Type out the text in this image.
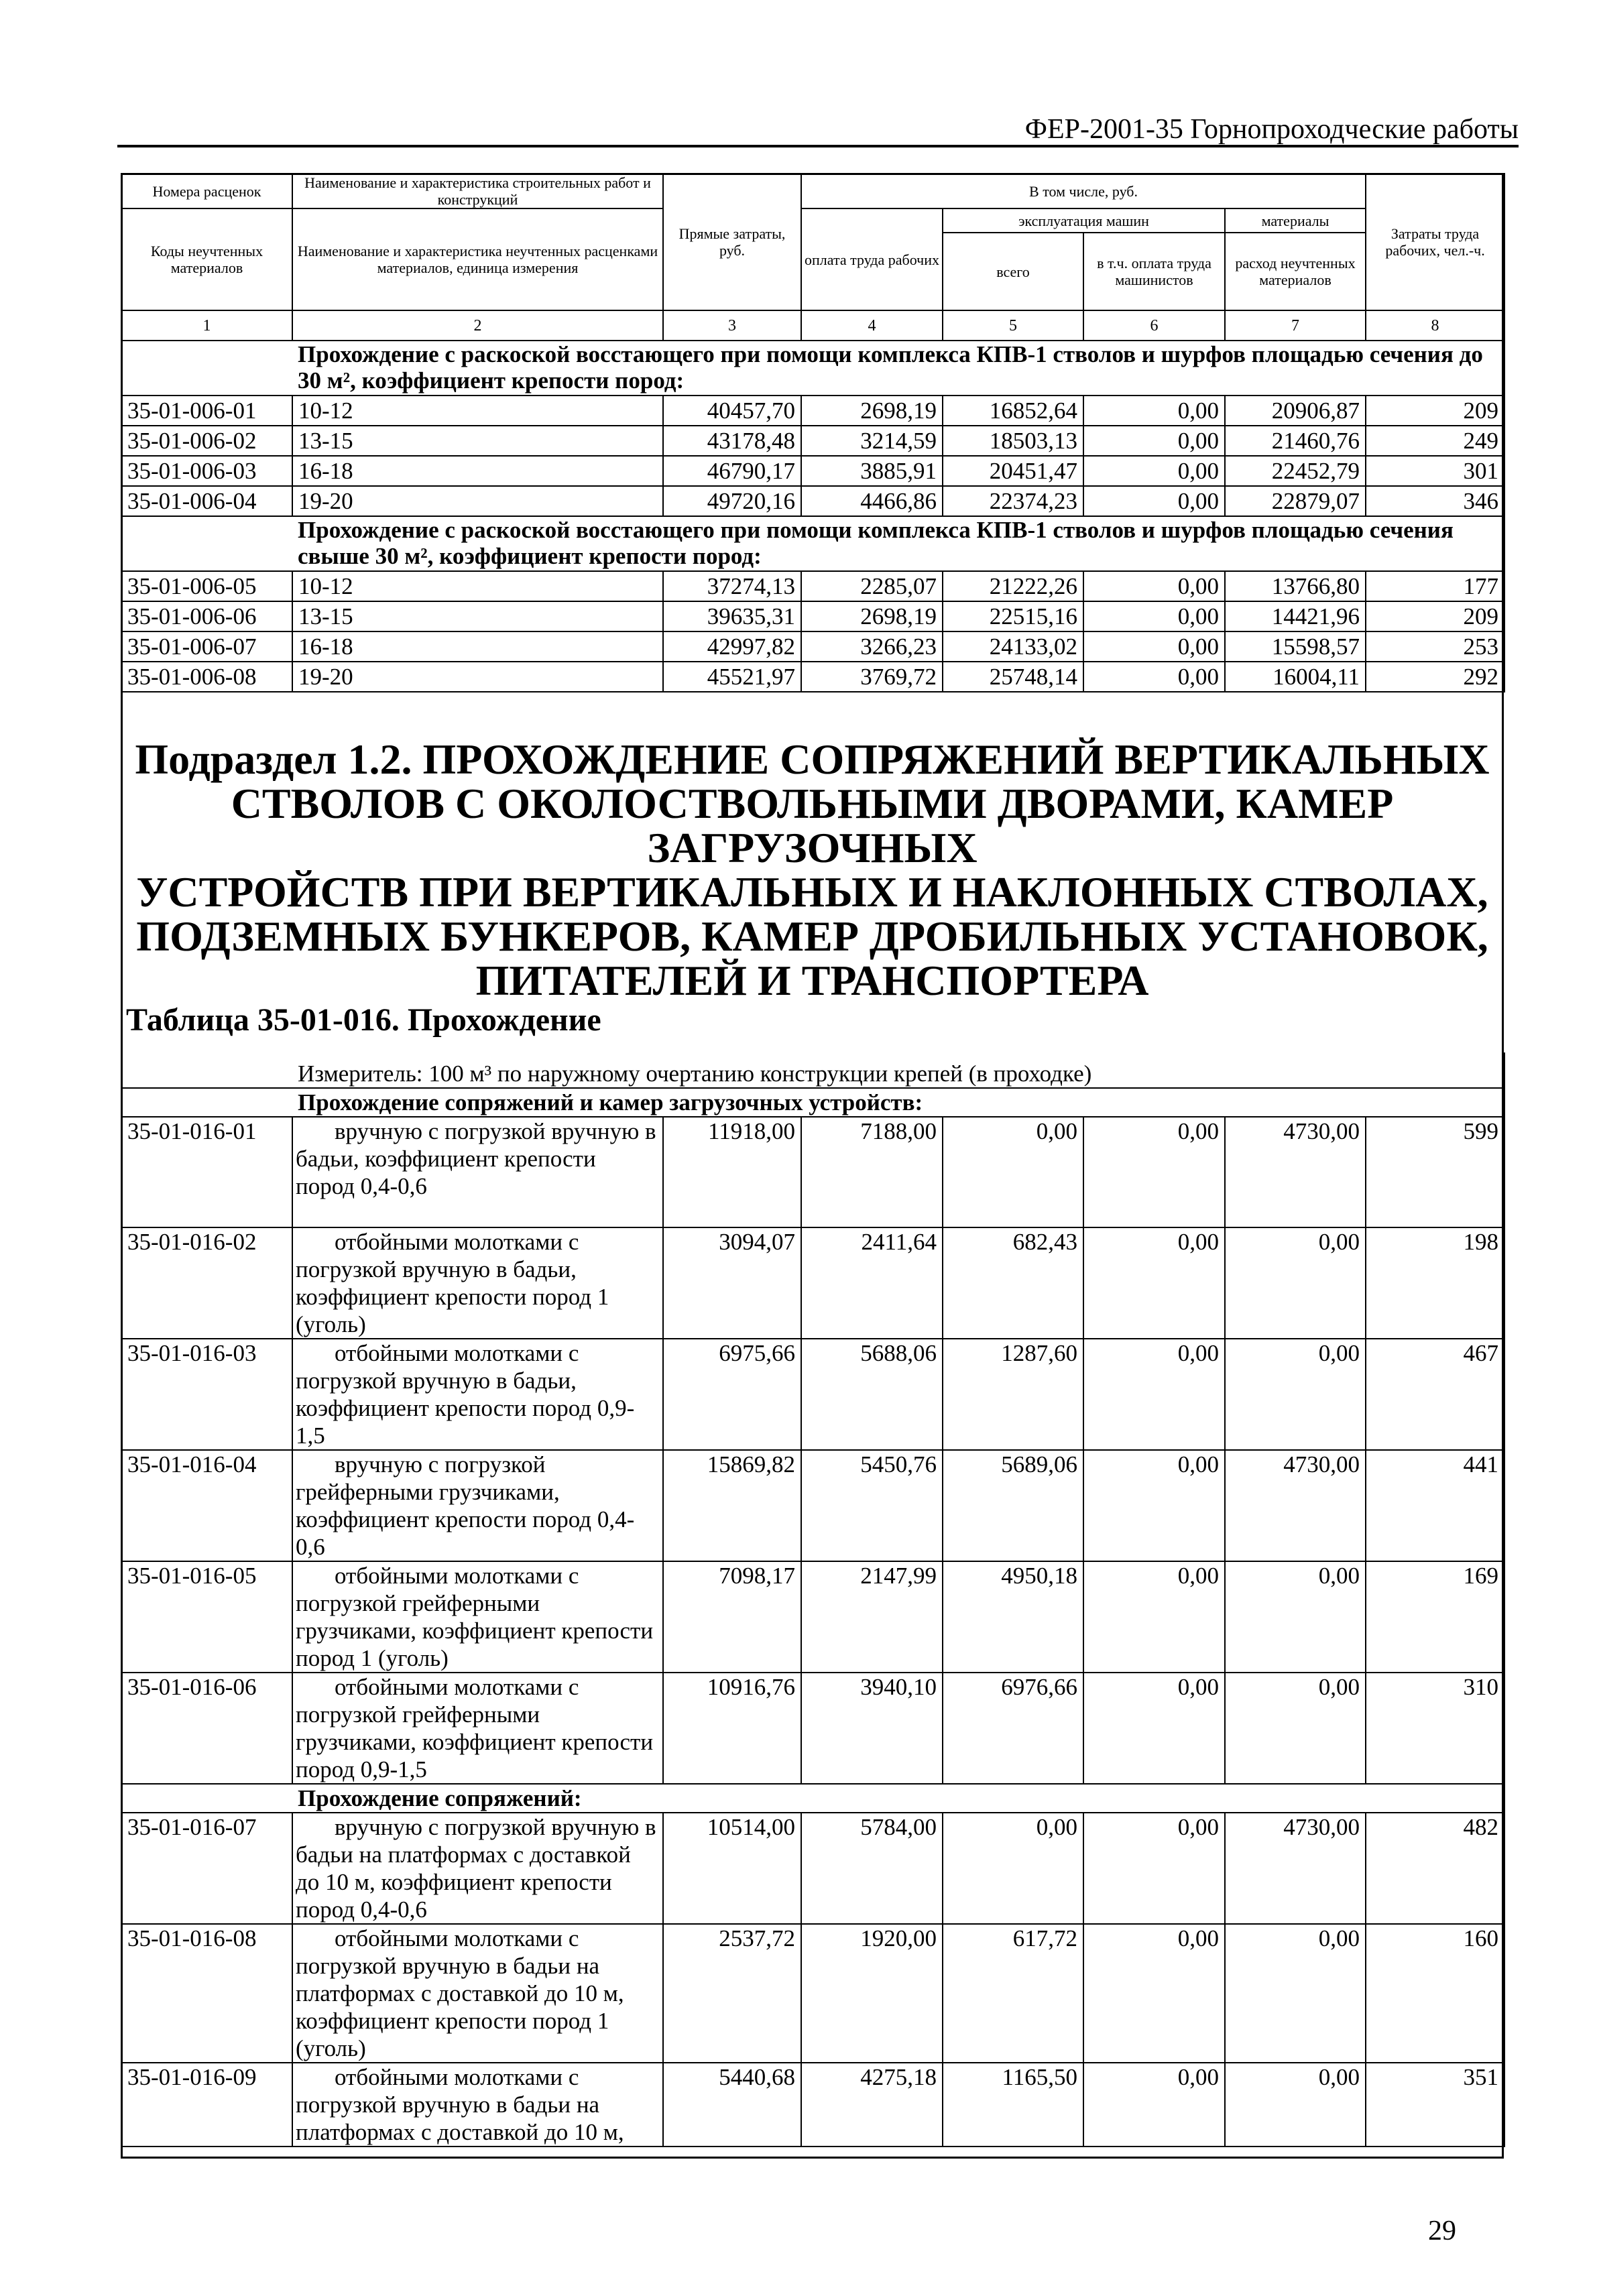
ФЕР-2001-35 Горнопроходческие работы
Номера расценок	Наименование и характеристика строительных работ и конструкций	Прямые затраты, руб.	В том числе, руб.				Затраты труда рабочих, чел.-ч.
Коды неучтенных материалов	Наименование и характеристика неучтенных расценками материалов, единица измерения		оплата труда рабочих	эксплуатация машин		материалы	
				всего	в т.ч. оплата труда машинистов	расход неучтенных материалов	
1	2	3	4	5	6	7	8
	Прохождение с раскоской восстающего при помощи комплекса КПВ-1 стволов и шурфов площадью сечения до 30 м², коэффициент крепости пород:						
35-01-006-01	10-12	40457,70	2698,19	16852,64	0,00	20906,87	209
35-01-006-02	13-15	43178,48	3214,59	18503,13	0,00	21460,76	249
35-01-006-03	16-18	46790,17	3885,91	20451,47	0,00	22452,79	301
35-01-006-04	19-20	49720,16	4466,86	22374,23	0,00	22879,07	346
	Прохождение с раскоской восстающего при помощи комплекса КПВ-1 стволов и шурфов площадью сечения свыше 30 м², коэффициент крепости пород:						
35-01-006-05	10-12	37274,13	2285,07	21222,26	0,00	13766,80	177
35-01-006-06	13-15	39635,31	2698,19	22515,16	0,00	14421,96	209
35-01-006-07	16-18	42997,82	3266,23	24133,02	0,00	15598,57	253
35-01-006-08	19-20	45521,97	3769,72	25748,14	0,00	16004,11	292
Подраздел 1.2. ПРОХОЖДЕНИЕ СОПРЯЖЕНИЙ ВЕРТИКАЛЬНЫХ
СТВОЛОВ С ОКОЛОСТВОЛЬНЫМИ ДВОРАМИ, КАМЕР ЗАГРУЗОЧНЫХ
УСТРОЙСТВ ПРИ ВЕРТИКАЛЬНЫХ И НАКЛОННЫХ СТВОЛАХ,
ПОДЗЕМНЫХ БУНКЕРОВ, КАМЕР ДРОБИЛЬНЫХ УСТАНОВОК,
ПИТАТЕЛЕЙ И ТРАНСПОРТЕРА
Таблица 35-01-016. Прохождение
	Измеритель: 100 м³ по наружному очертанию конструкции крепей (в проходке)						
	Прохождение сопряжений и камер загрузочных устройств:						
35-01-016-01	вручную с погрузкой вручную в бадьи, коэффициент крепости пород 0,4-0,6	11918,00	7188,00	0,00	0,00	4730,00	599
35-01-016-02	отбойными молотками с погрузкой вручную в бадьи, коэффициент крепости пород 1 (уголь)	3094,07	2411,64	682,43	0,00	0,00	198
35-01-016-03	отбойными молотками с погрузкой вручную в бадьи, коэффициент крепости пород 0,9-1,5	6975,66	5688,06	1287,60	0,00	0,00	467
35-01-016-04	вручную с погрузкой грейферными грузчиками, коэффициент крепости пород 0,4-0,6	15869,82	5450,76	5689,06	0,00	4730,00	441
35-01-016-05	отбойными молотками с погрузкой грейферными грузчиками, коэффициент крепости пород 1 (уголь)	7098,17	2147,99	4950,18	0,00	0,00	169
35-01-016-06	отбойными молотками с погрузкой грейферными грузчиками, коэффициент крепости пород 0,9-1,5	10916,76	3940,10	6976,66	0,00	0,00	310
	Прохождение сопряжений:						
35-01-016-07	вручную с погрузкой вручную в бадьи на платформах с доставкой до 10 м, коэффициент крепости пород 0,4-0,6	10514,00	5784,00	0,00	0,00	4730,00	482
35-01-016-08	отбойными молотками с погрузкой вручную в бадьи на платформах с доставкой до 10 м, коэффициент крепости пород 1 (уголь)	2537,72	1920,00	617,72	0,00	0,00	160
35-01-016-09	отбойными молотками с погрузкой вручную в бадьи на платформах с доставкой до 10 м,	5440,68	4275,18	1165,50	0,00	0,00	351
29
